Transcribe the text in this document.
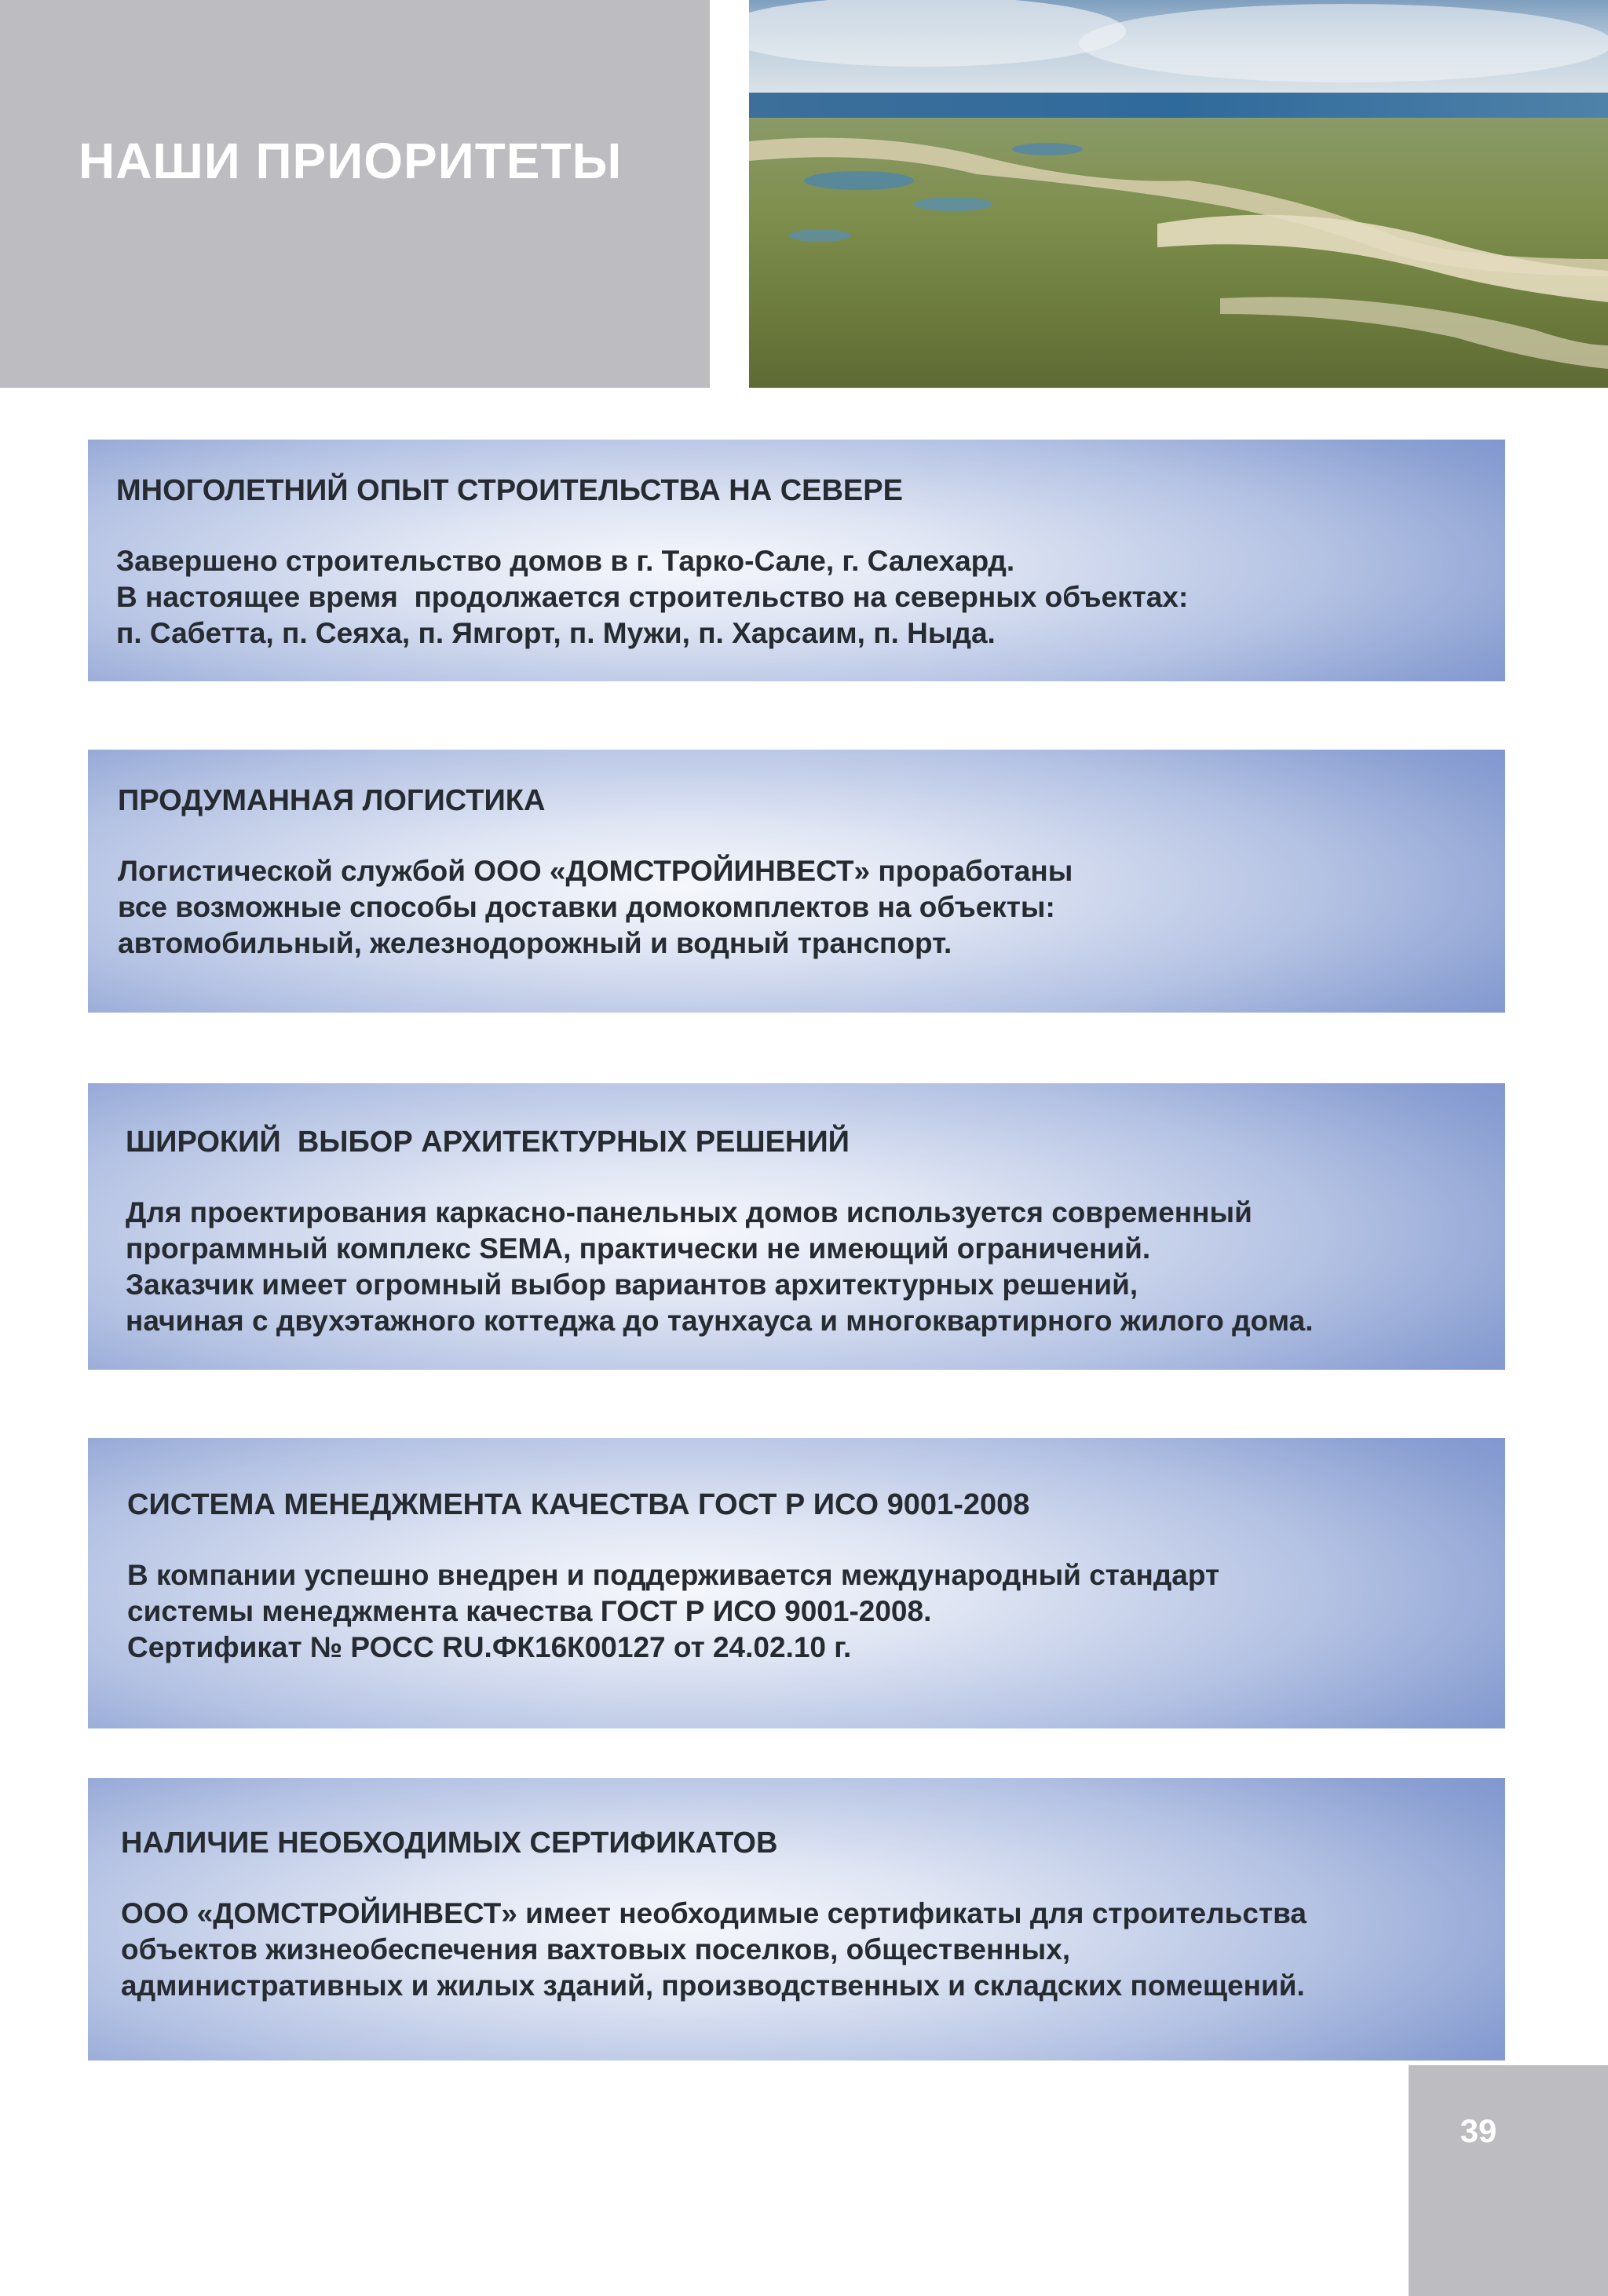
НАШИ ПРИОРИТЕТЫ
МНОГОЛЕТНИЙ ОПЫТ СТРОИТЕЛЬСТВА НА СЕВЕРЕ

Завершено строительство домов в г. Тарко-Сале, г. Салехард.
В настоящее время  продолжается строительство на северных объектах:
п. Сабетта, п. Сеяха, п. Ямгорт, п. Мужи, п. Харсаим, п. Ныда.

ПРОДУМАННАЯ ЛОГИСТИКА

Логистической службой ООО «ДОМСТРОЙИНВЕСТ» проработаны
все возможные способы доставки домокомплектов на объекты:
автомобильный, железнодорожный и водный транспорт.

ШИРОКИЙ  ВЫБОР АРХИТЕКТУРНЫХ РЕШЕНИЙ

Для проектирования каркасно-панельных домов используется современный
программный комплекс SEMA, практически не имеющий ограничений.
Заказчик имеет огромный выбор вариантов архитектурных решений,
начиная с двухэтажного коттеджа до таунхауса и многоквартирного жилого дома.

СИСТЕМА МЕНЕДЖМЕНТА КАЧЕСТВА ГОСТ Р ИСО 9001-2008

В компании успешно внедрен и поддерживается международный стандарт
системы менеджмента качества ГОСТ Р ИСО 9001-2008.
Сертификат № РОСС RU.ФК16К00127 от 24.02.10 г.

НАЛИЧИЕ НЕОБХОДИМЫХ СЕРТИФИКАТОВ

ООО «ДОМСТРОЙИНВЕСТ» имеет необходимые сертификаты для строительства
объектов жизнеобеспечения вахтовых поселков, общественных,
административных и жилых зданий, производственных и складских помещений.

39
